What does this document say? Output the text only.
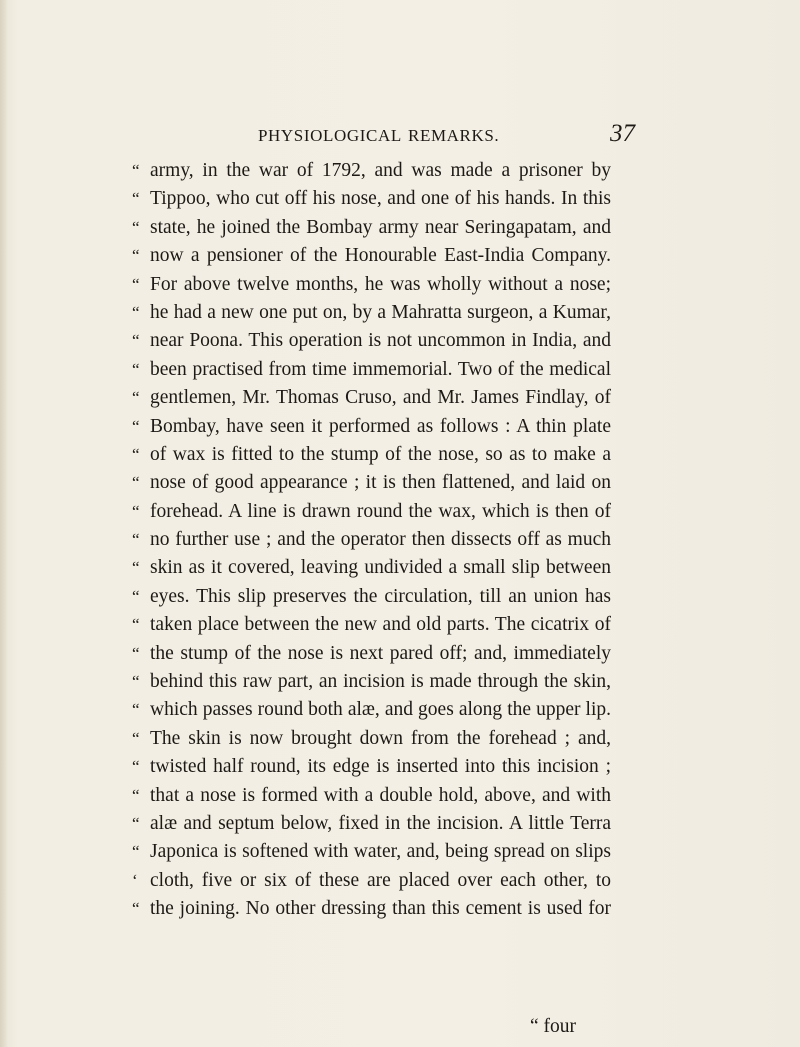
PHYSIOLOGICAL REMARKS.	37
“ army, in the war of 1792, and was made a prisoner by
“ Tippoo, who cut off his nose, and one of his hands. In this
“ state, he joined the Bombay army near Seringapatam, and
“ now a pensioner of the Honourable East-India Company.
“ For above twelve months, he was wholly without a nose;
“ he had a new one put on, by a Mahratta surgeon, a Kumar,
“ near Poona. This operation is not uncommon in India, and
“ been practised from time immemorial. Two of the medical
“ gentlemen, Mr. Thomas Cruso, and Mr. James Findlay, of
“ Bombay, have seen it performed as follows : A thin plate
“ of wax is fitted to the stump of the nose, so as to make a
“ nose of good appearance ; it is then flattened, and laid on
“ forehead. A line is drawn round the wax, which is then of
“ no further use ; and the operator then dissects off as much
“ skin as it covered, leaving undivided a small slip between
“ eyes. This slip preserves the circulation, till an union has
“ taken place between the new and old parts. The cicatrix of
“ the stump of the nose is next pared off; and, immediately
“ behind this raw part, an incision is made through the skin,
“ which passes round both alæ, and goes along the upper lip.
“ The skin is now brought down from the forehead ; and,
“ twisted half round, its edge is inserted into this incision ;
“ that a nose is formed with a double hold, above, and with
“ alæ and septum below, fixed in the incision. A little Terra
“ Japonica is softened with water, and, being spread on slips
‘ cloth, five or six of these are placed over each other, to
“ the joining. No other dressing than this cement is used for
“ four
